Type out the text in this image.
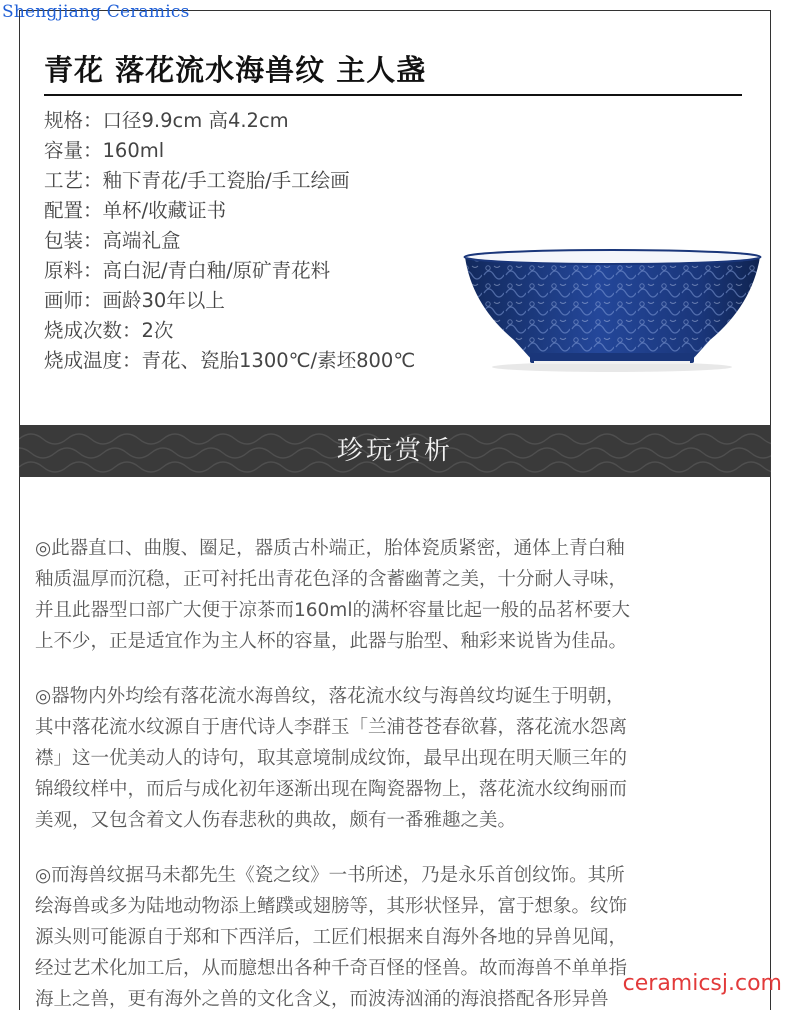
Shengjiang Ceramics
青花 落花流水海兽纹 主人盏
规格：口径9.9cm 高4.2cm
容量：160ml
工艺：釉下青花/手工瓷胎/手工绘画
配置：单杯/收藏证书
包装：高端礼盒
原料：高白泥/青白釉/原矿青花料
画师：画龄30年以上
烧成次数：2次
烧成温度：青花、瓷胎1300℃/素坯800℃
珍玩赏析

◎此器直口、曲腹、圈足，器质古朴端正，胎体瓷质紧密，通体上青白釉
釉质温厚而沉稳，正可衬托出青花色泽的含蓄幽菁之美，十分耐人寻味，
并且此器型口部广大便于凉茶而160ml的满杯容量比起一般的品茗杯要大
上不少，正是适宜作为主人杯的容量，此器与胎型、釉彩来说皆为佳品。

◎器物内外均绘有落花流水海兽纹，落花流水纹与海兽纹均诞生于明朝，
其中落花流水纹源自于唐代诗人李群玉「兰浦苍苍春欲暮，落花流水怨离
襟」这一优美动人的诗句，取其意境制成纹饰，最早出现在明天顺三年的
锦缎纹样中，而后与成化初年逐渐出现在陶瓷器物上，落花流水纹绚丽而
美观，又包含着文人伤春悲秋的典故，颇有一番雅趣之美。

◎而海兽纹据马未都先生《瓷之纹》一书所述，乃是永乐首创纹饰。其所
绘海兽或多为陆地动物添上鳍蹼或翅膀等，其形状怪异，富于想象。纹饰
源头则可能源自于郑和下西洋后，工匠们根据来自海外各地的异兽见闻，
经过艺术化加工后，从而臆想出各种千奇百怪的怪兽。故而海兽不单单指
海上之兽，更有海外之兽的文化含义，而波涛汹涌的海浪搭配各形异兽

ceramicsj.com
